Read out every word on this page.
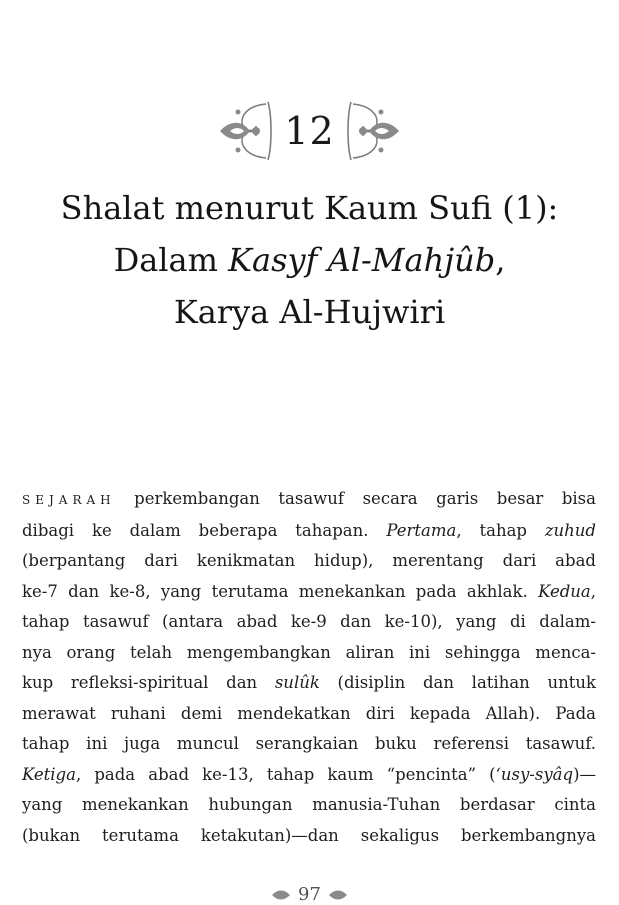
12
Shalat menurut Kaum Sufi (1):
Dalam Kasyf Al-Mahjûb,
Karya Al-Hujwiri
SEJARAH perkembangan tasawuf secara garis besar bisa
dibagi ke dalam beberapa tahapan. Pertama, tahap zuhud
(berpantang dari kenikmatan hidup), merentang dari abad
ke-7 dan ke-8, yang terutama menekankan pada akhlak. Kedua,
tahap tasawuf (antara abad ke-9 dan ke-10), yang di dalam-
nya orang telah mengembangkan aliran ini sehingga menca-
kup refleksi-spiritual dan sulûk (disiplin dan latihan untuk
merawat ruhani demi mendekatkan diri kepada Allah). Pada
tahap ini juga muncul serangkaian buku referensi tasawuf.
Ketiga, pada abad ke-13, tahap kaum “pencinta” (‘usy-syâq)—
yang menekankan hubungan manusia-Tuhan berdasar cinta
(bukan terutama ketakutan)—dan sekaligus berkembangnya
97
